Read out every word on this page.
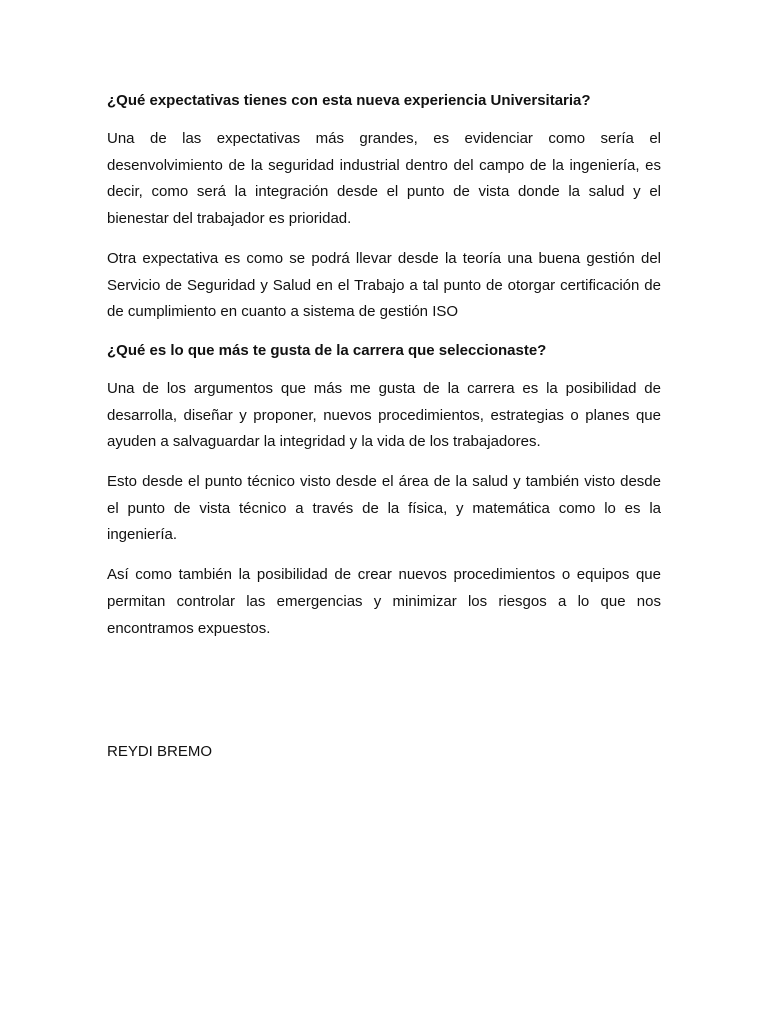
¿Qué expectativas tienes con esta nueva experiencia Universitaria?

Una de las expectativas más grandes, es evidenciar como sería el desenvolvimiento de la seguridad industrial dentro del campo de la ingeniería, es decir, como será la integración desde el punto de vista donde la salud y el bienestar del trabajador es prioridad.

Otra expectativa es como se podrá llevar desde la teoría una buena gestión del Servicio de Seguridad y Salud en el Trabajo a tal punto de otorgar certificación de de cumplimiento en cuanto a sistema de gestión ISO

¿Qué es lo que más te gusta de la carrera que seleccionaste?

Una de los argumentos que más me gusta de la carrera es la posibilidad de desarrolla, diseñar y proponer, nuevos procedimientos, estrategias o planes que ayuden a salvaguardar la integridad y la vida de los trabajadores.

Esto desde el punto técnico visto desde el área de la salud y también visto desde el punto de vista técnico a través de la física, y matemática como lo es la ingeniería.

Así como también la posibilidad de crear nuevos procedimientos o equipos que permitan controlar las emergencias y minimizar los riesgos a lo que nos encontramos expuestos.

REYDI BREMO
